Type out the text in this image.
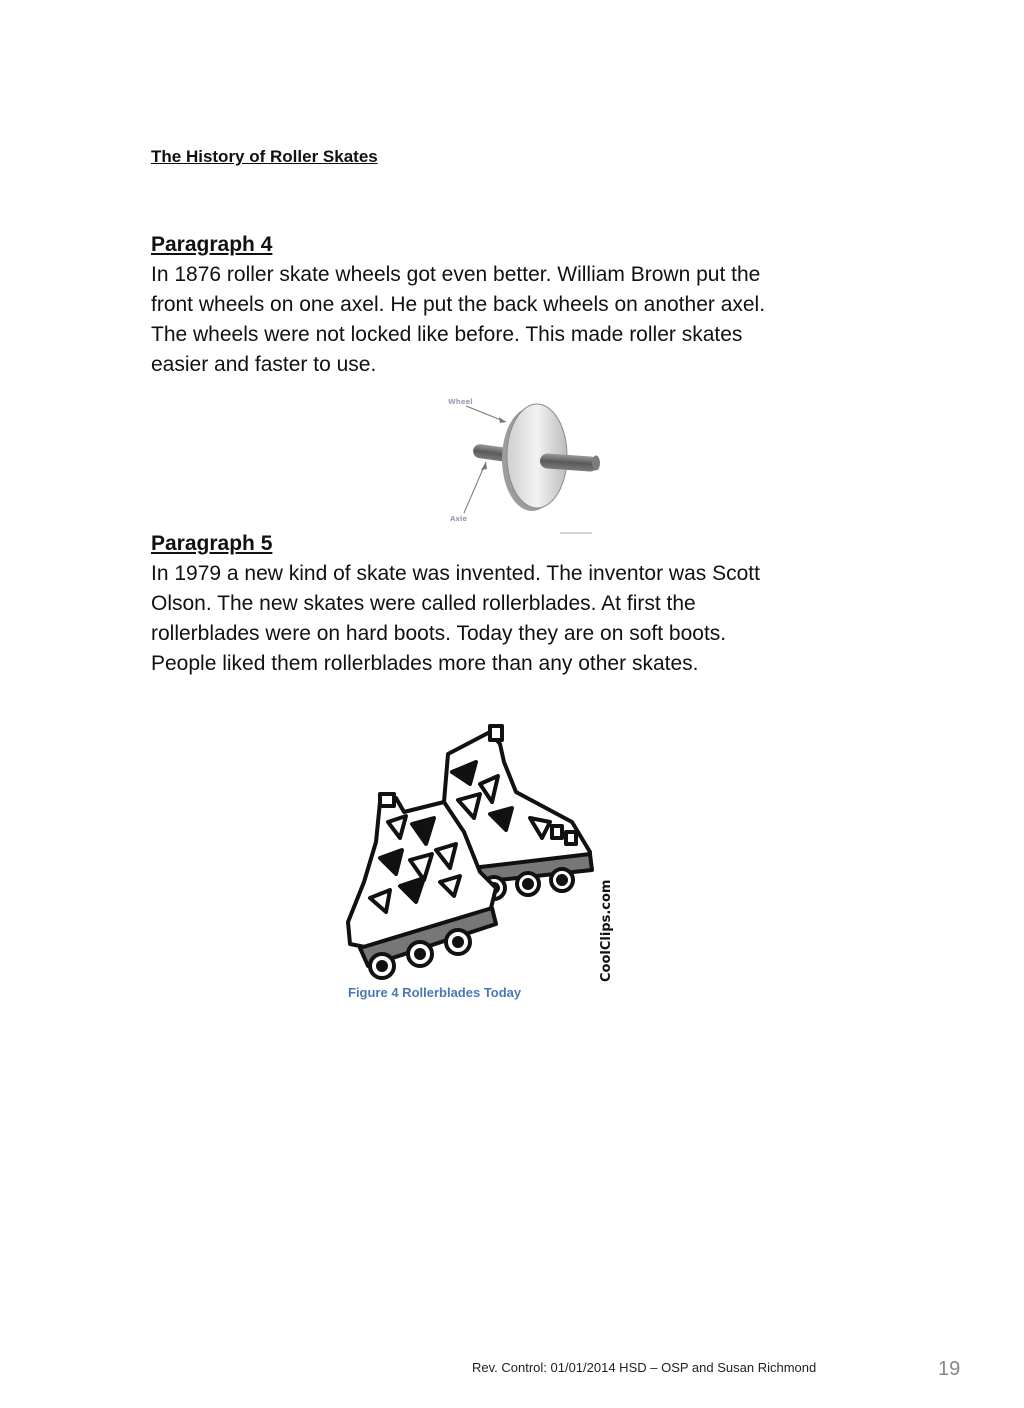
The History of Roller Skates
Paragraph 4
In 1876 roller skate wheels got even better. William Brown put the
front wheels on one axel. He put the back wheels on another axel.
The wheels were not locked like before. This made roller skates
easier and faster to use.
Wheel
Axle
Paragraph 5
In 1979 a new kind of skate was invented. The inventor was Scott
Olson. The new skates were called rollerblades. At first the
rollerblades were on hard boots. Today they are on soft boots.
People liked them rollerblades more than any other skates.
CoolClips.com
Figure 4 Rollerblades Today
Rev. Control: 01/01/2014 HSD – OSP and Susan Richmond	19
